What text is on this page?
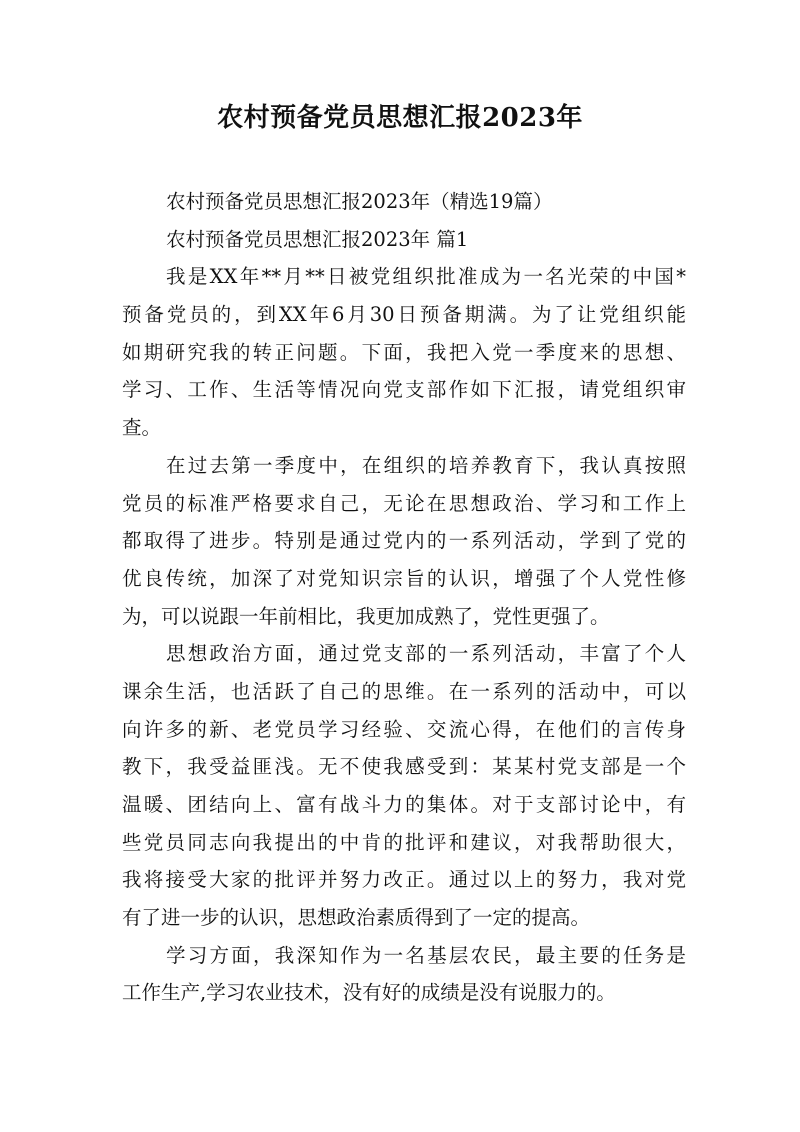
农村预备党员思想汇报2023年
农村预备党员思想汇报2023年（精选19篇）
农村预备党员思想汇报2023年 篇1
我是XX年**月**日被党组织批准成为一名光荣的中国*
预备党员的，到XX年6月30日预备期满。为了让党组织能
如期研究我的转正问题。下面，我把入党一季度来的思想、
学习、工作、生活等情况向党支部作如下汇报，请党组织审
查。
在过去第一季度中，在组织的培养教育下，我认真按照
党员的标准严格要求自己，无论在思想政治、学习和工作上
都取得了进步。特别是通过党内的一系列活动，学到了党的
优良传统，加深了对党知识宗旨的认识，增强了个人党性修
为，可以说跟一年前相比，我更加成熟了，党性更强了。
思想政治方面，通过党支部的一系列活动，丰富了个人
课余生活，也活跃了自己的思维。在一系列的活动中，可以
向许多的新、老党员学习经验、交流心得，在他们的言传身
教下，我受益匪浅。无不使我感受到：某某村党支部是一个
温暖、团结向上、富有战斗力的集体。对于支部讨论中，有
些党员同志向我提出的中肯的批评和建议，对我帮助很大，
我将接受大家的批评并努力改正。通过以上的努力，我对党
有了进一步的认识，思想政治素质得到了一定的提高。
学习方面，我深知作为一名基层农民，最主要的任务是
工作生产,学习农业技术，没有好的成绩是没有说服力的。
